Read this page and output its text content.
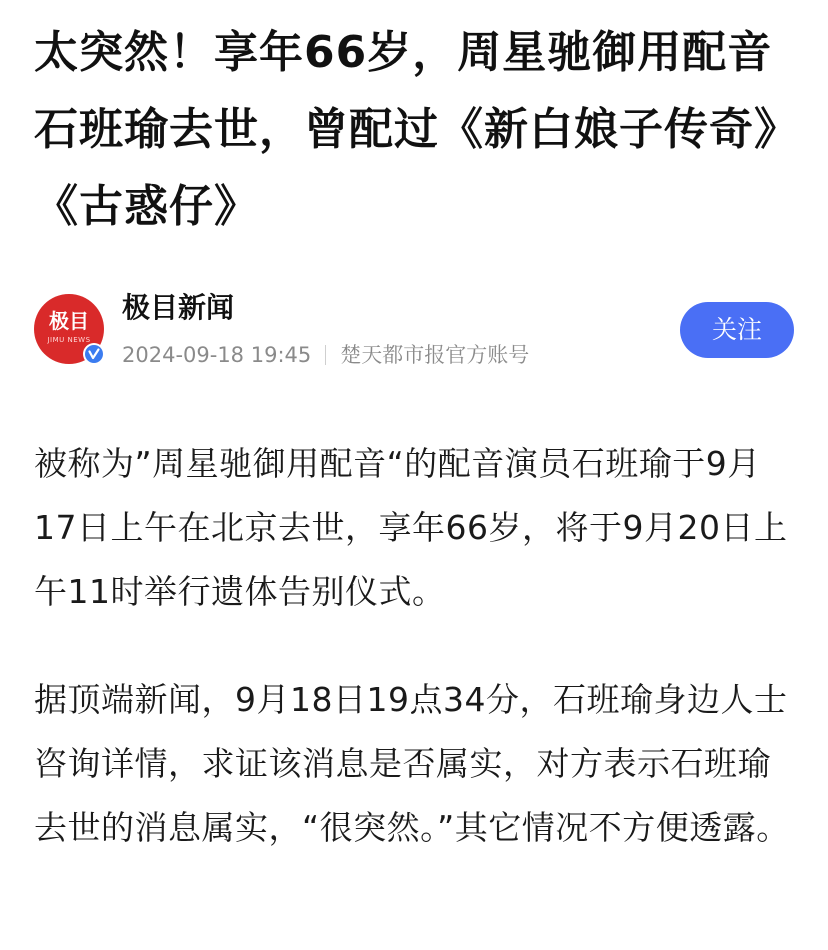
太突然！享年66岁，周星驰御用配音石班瑜去世，曾配过《新白娘子传奇》《古惑仔》
极目
JIMU NEWS
极目新闻
2024-09-18 19:45 楚天都市报官方账号
关注

被称为”周星驰御用配音“的配音演员石班瑜于9月17日上午在北京去世，享年66岁，将于9月20日上午11时举行遗体告别仪式。

据顶端新闻，9月18日19点34分，石班瑜身边人士咨询详情，求证该消息是否属实，对方表示石班瑜去世的消息属实，“很突然。”其它情况不方便透露。
